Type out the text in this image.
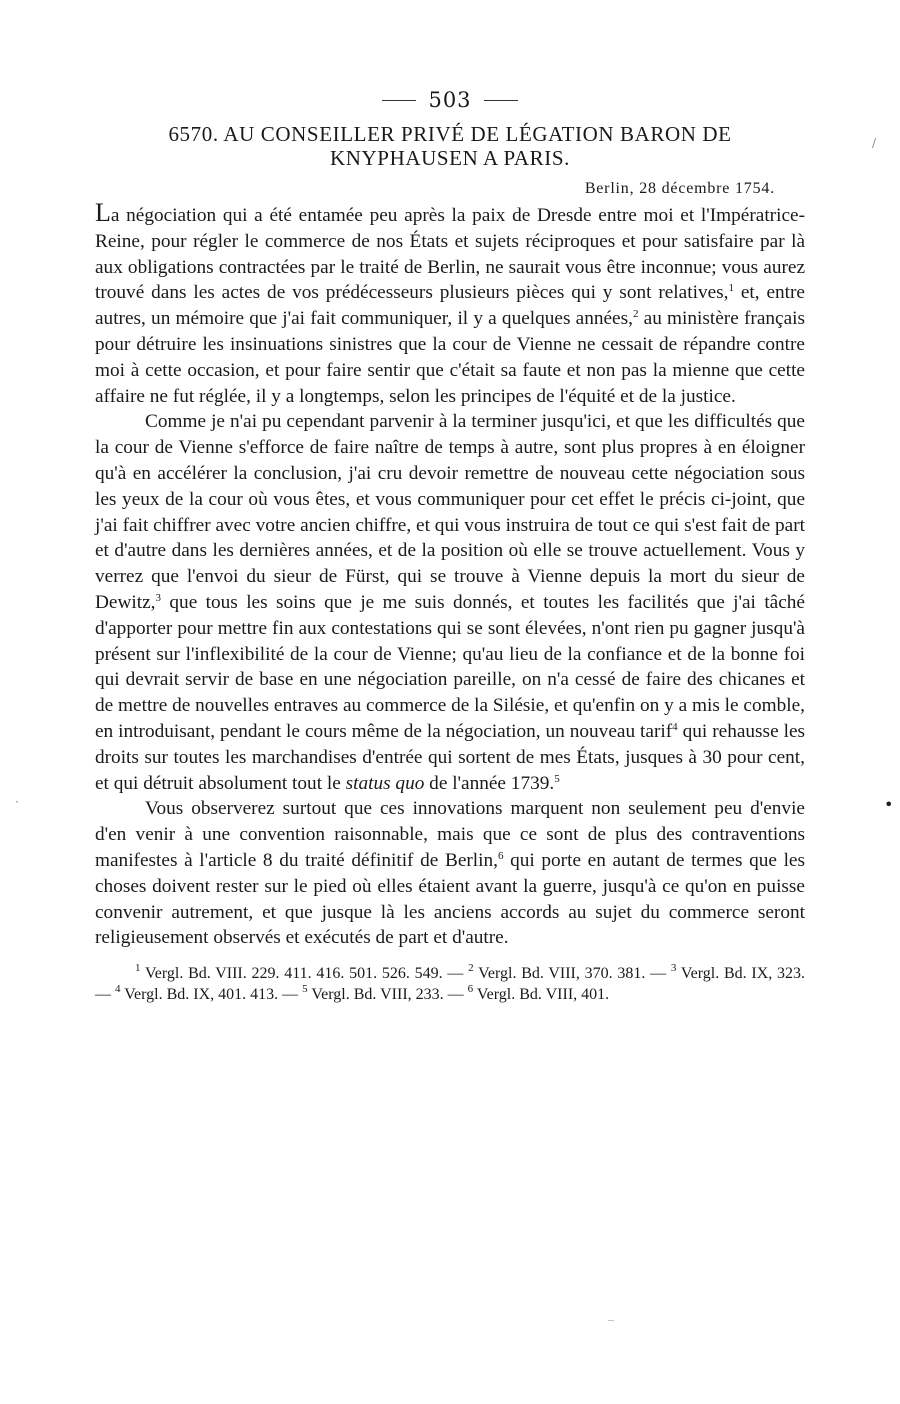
503
6570. AU CONSEILLER PRIVÉ DE LÉGATION BARON DE
KNYPHAUSEN A PARIS.
Berlin, 28 décembre 1754.

La négociation qui a été entamée peu après la paix de Dresde entre moi et l'Impératrice-Reine, pour régler le commerce de nos États et sujets réciproques et pour satisfaire par là aux obligations contractées par le traité de Berlin, ne saurait vous être inconnue; vous aurez trouvé dans les actes de vos prédécesseurs plusieurs pièces qui y sont relatives,$^1$ et, entre autres, un mémoire que j'ai fait communiquer, il y a quelques années,$^2$ au ministère français pour détruire les insinuations sinistres que la cour de Vienne ne cessait de répandre contre moi à cette occasion, et pour faire sentir que c'était sa faute et non pas la mienne que cette affaire ne fut réglée, il y a longtemps, selon les principes de l'équité et de la justice.

Comme je n'ai pu cependant parvenir à la terminer jusqu'ici, et que les difficultés que la cour de Vienne s'efforce de faire naître de temps à autre, sont plus propres à en éloigner qu'à en accélérer la conclusion, j'ai cru devoir remettre de nouveau cette négociation sous les yeux de la cour où vous êtes, et vous communiquer pour cet effet le précis ci-joint, que j'ai fait chiffrer avec votre ancien chiffre, et qui vous instruira de tout ce qui s'est fait de part et d'autre dans les dernières années, et de la position où elle se trouve actuellement. Vous y verrez que l'envoi du sieur de Fürst, qui se trouve à Vienne depuis la mort du sieur de Dewitz,$^3$ que tous les soins que je me suis donnés, et toutes les facilités que j'ai tâché d'apporter pour mettre fin aux contestations qui se sont élevées, n'ont rien pu gagner jusqu'à présent sur l'inflexibilité de la cour de Vienne; qu'au lieu de la confiance et de la bonne foi qui devrait servir de base en une négociation pareille, on n'a cessé de faire des chicanes et de mettre de nouvelles entraves au commerce de la Silésie, et qu'enfin on y a mis le comble, en introduisant, pendant le cours même de la négociation, un nouveau tarif$^4$ qui rehausse les droits sur toutes les marchandises d'entrée qui sortent de mes États, jusques à 30 pour cent, et qui détruit absolument tout le status quo de l'année 1739.$^5$

Vous observerez surtout que ces innovations marquent non seulement peu d'envie d'en venir à une convention raisonnable, mais que ce sont de plus des contraventions manifestes à l'article 8 du traité définitif de Berlin,$^6$ qui porte en autant de termes que les choses doivent rester sur le pied où elles étaient avant la guerre, jusqu'à ce qu'on en puisse convenir autrement, et que jusque là les anciens accords au sujet du commerce seront religieusement observés et exécutés de part et d'autre.

$^1$ Vergl. Bd. VIII. 229. 411. 416. 501. 526. 549. — $^2$ Vergl. Bd. VIII, 370. 381. — $^3$ Vergl. Bd. IX, 323. — $^4$ Vergl. Bd. IX, 401. 413. — $^5$ Vergl. Bd. VIII, 233. — $^6$ Vergl. Bd. VIII, 401.
/
·	•
‾
